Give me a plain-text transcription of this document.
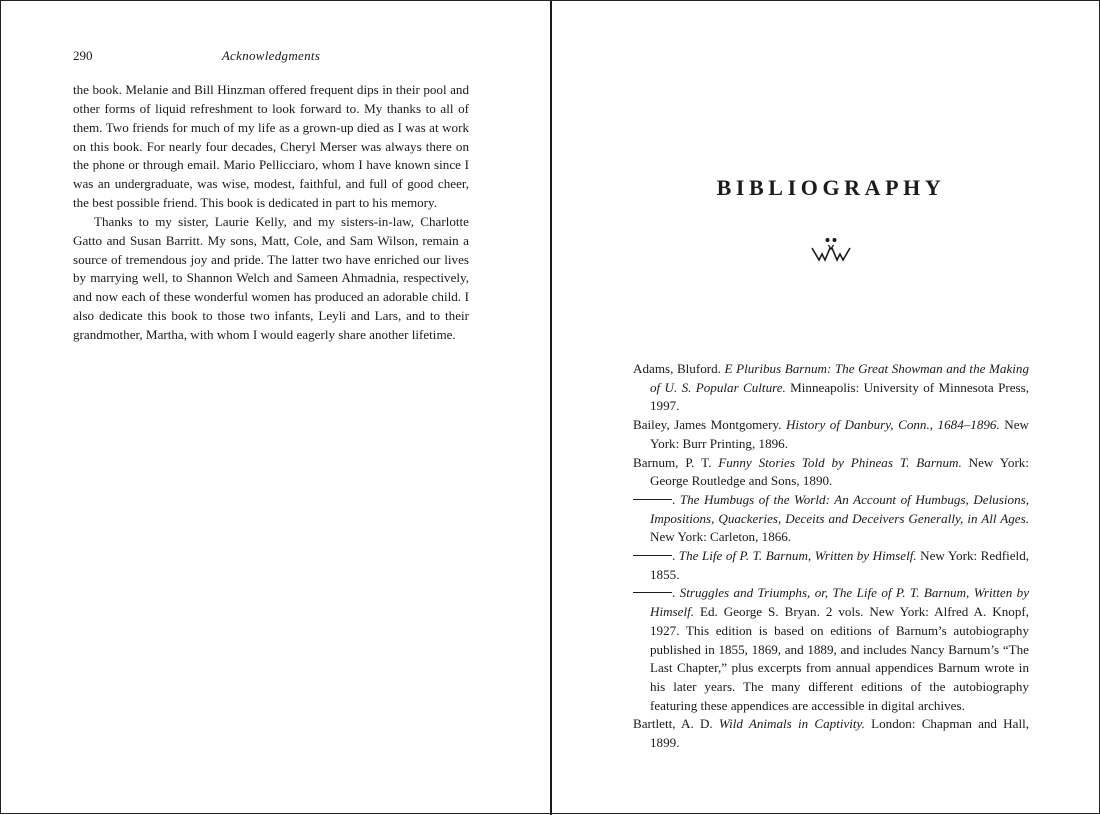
290	Acknowledgments

the book. Melanie and Bill Hinzman offered frequent dips in their pool and other forms of liquid refreshment to look forward to. My thanks to all of them. Two friends for much of my life as a grown-up died as I was at work on this book. For nearly four decades, Cheryl Merser was always there on the phone or through email. Mario Pellicciaro, whom I have known since I was an undergraduate, was wise, modest, faithful, and full of good cheer, the best possible friend. This book is dedicated in part to his memory.

Thanks to my sister, Laurie Kelly, and my sisters-in-law, Charlotte Gatto and Susan Barritt. My sons, Matt, Cole, and Sam Wilson, remain a source of tremendous joy and pride. The latter two have enriched our lives by marrying well, to Shannon Welch and Sameen Ahmadnia, respectively, and now each of these wonderful women has produced an adorable child. I also dedicate this book to those two infants, Leyli and Lars, and to their grandmother, Martha, with whom I would eagerly share another lifetime.

BIBLIOGRAPHY

Adams, Bluford. E Pluribus Barnum: The Great Showman and the Making of U. S. Popular Culture. Minneapolis: University of Minnesota Press, 1997.

Bailey, James Montgomery. History of Danbury, Conn., 1684–1896. New York: Burr Printing, 1896.

Barnum, P. T. Funny Stories Told by Phineas T. Barnum. New York: George Routledge and Sons, 1890.

. The Humbugs of the World: An Account of Humbugs, Delusions, Impositions, Quackeries, Deceits and Deceivers Generally, in All Ages. New York: Carleton, 1866.

. The Life of P. T. Barnum, Written by Himself. New York: Redfield, 1855.

. Struggles and Triumphs, or, The Life of P. T. Barnum, Written by Himself. Ed. George S. Bryan. 2 vols. New York: Alfred A. Knopf, 1927. This edition is based on editions of Barnum’s autobiography published in 1855, 1869, and 1889, and includes Nancy Barnum’s “The Last Chapter,” plus excerpts from annual appendices Barnum wrote in his later years. The many different editions of the autobiography featuring these appendices are accessible in digital archives.

Bartlett, A. D. Wild Animals in Captivity. London: Chapman and Hall, 1899.
